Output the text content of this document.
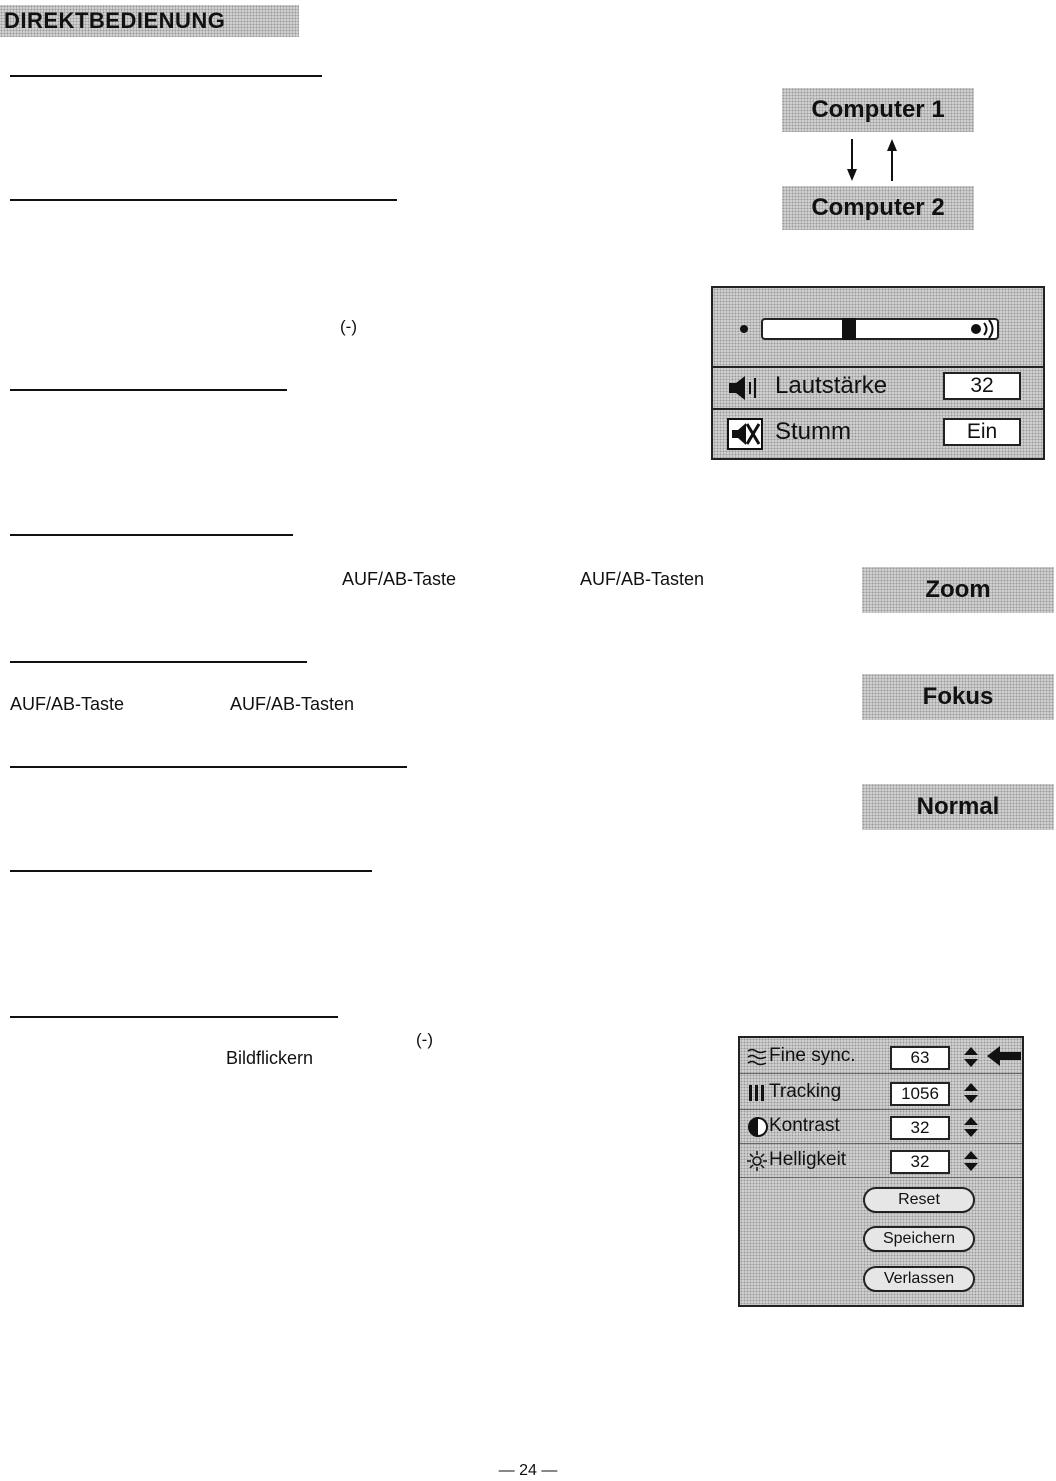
DIREKTBEDIENUNG
(-)
AUF/AB-Taste	AUF/AB-Tasten
AUF/AB-Taste	AUF/AB-Tasten
(-)
Bildflickern
Computer 1
Computer 2
Lautstärke	32
Stumm	Ein
Zoom
Fokus
Normal
Fine sync.	63
Tracking	1056
Kontrast	32
Helligkeit	32
Reset
Speichern
Verlassen
— 24 —
